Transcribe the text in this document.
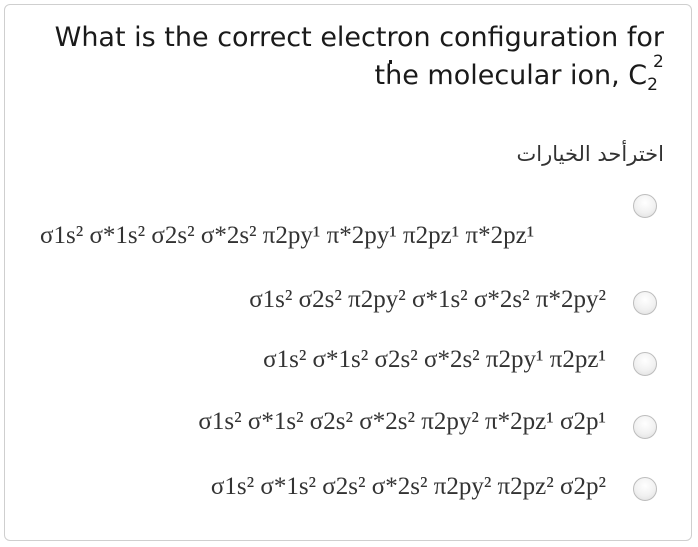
What is the correct electron configuration for
2
the molecular ion, $C_2$
اخترأحد الخيارات
σ1s² σ*1s² σ2s² σ*2s² π2py¹ π*2py¹ π2pz¹ π*2pz¹
σ1s² σ2s² π2py² σ*1s² σ*2s² π*2py²
σ1s² σ*1s² σ2s² σ*2s² π2py¹ π2pz¹
σ1s² σ*1s² σ2s² σ*2s² π2py² π*2pz¹ σ2p¹
σ1s² σ*1s² σ2s² σ*2s² π2py² π2pz² σ2p²
